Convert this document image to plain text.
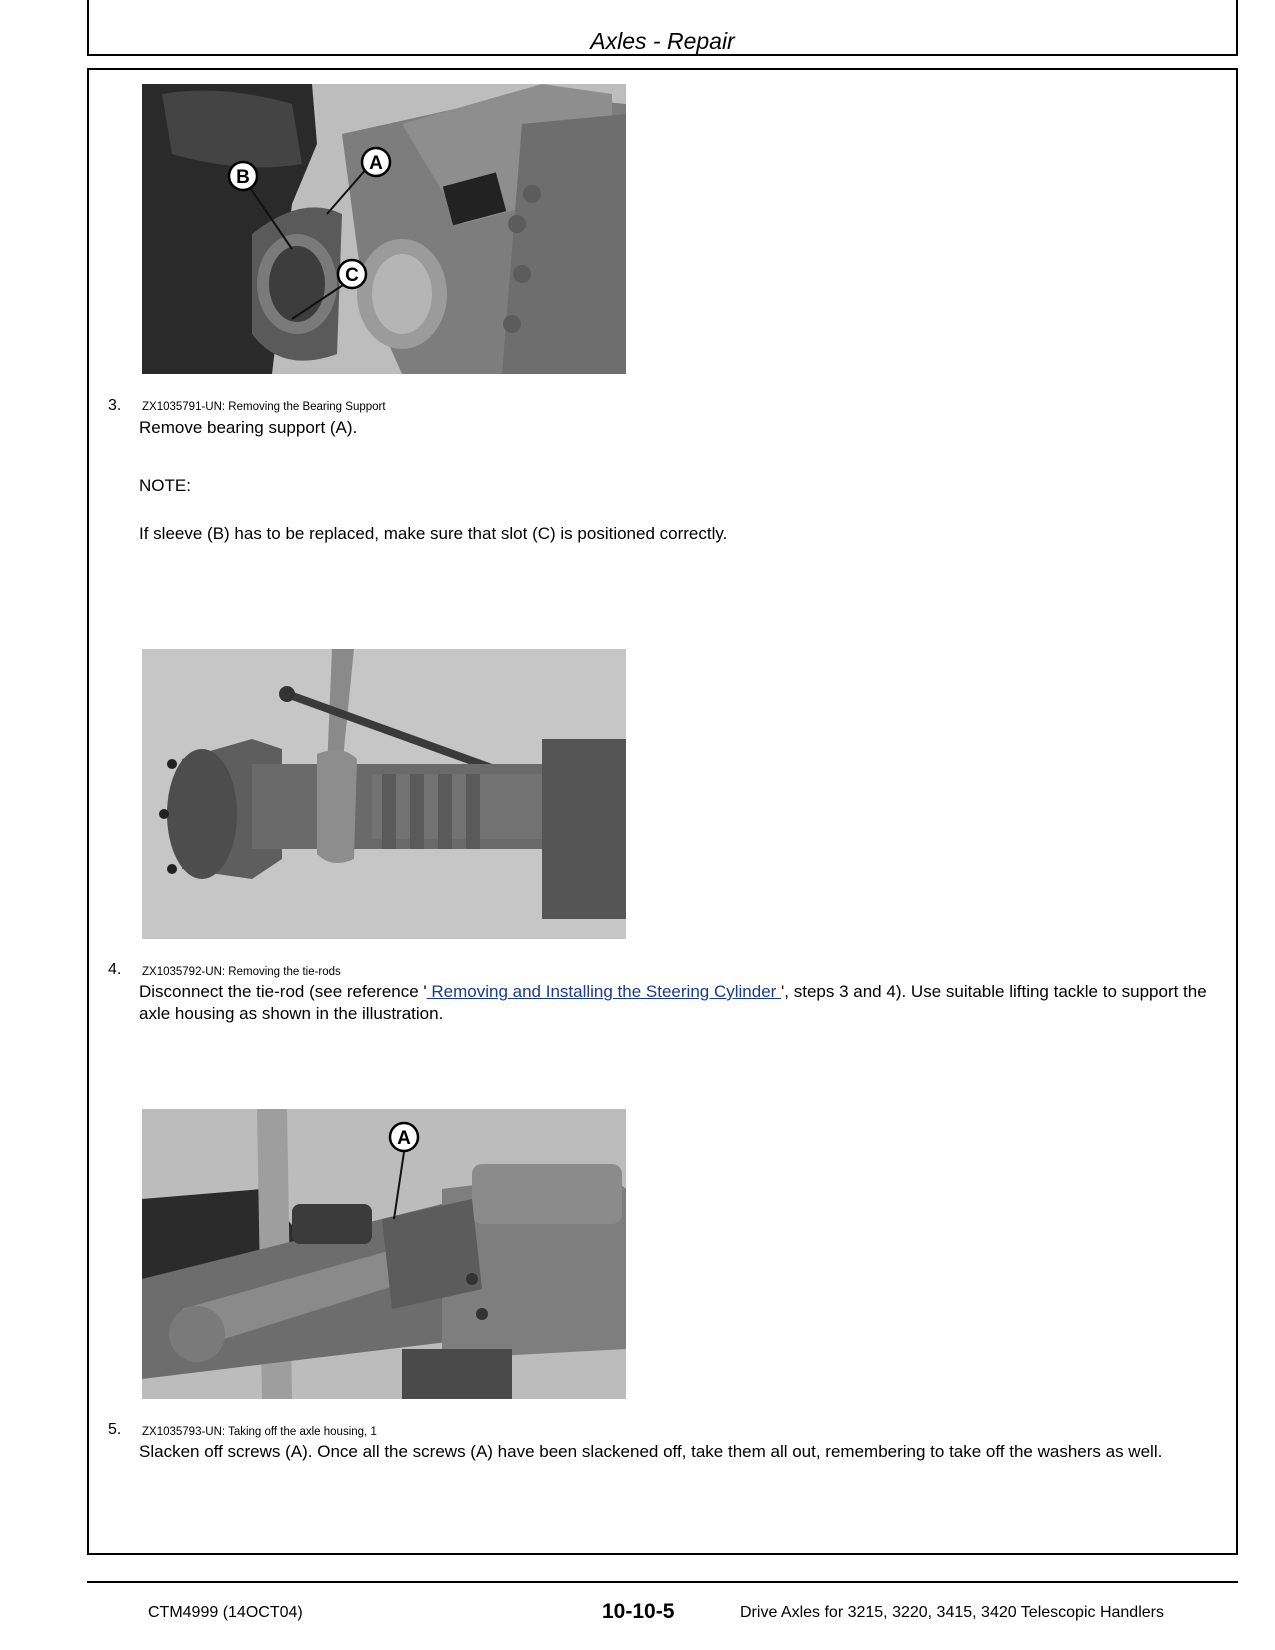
Axles - Repair
B
A
C
3. ZX1035791-UN: Removing the Bearing Support
Remove bearing support (A).
NOTE:
If sleeve (B) has to be replaced, make sure that slot (C) is positioned correctly.
4. ZX1035792-UN: Removing the tie-rods
Disconnect the tie-rod (see reference ' Removing and Installing the Steering Cylinder ', steps 3 and 4). Use suitable lifting tackle to support the axle housing as shown in the illustration.
A
5. ZX1035793-UN: Taking off the axle housing, 1
Slacken off screws (A). Once all the screws (A) have been slackened off, take them all out, remembering to take off the washers as well.
CTM4999 (14OCT04)	10-10-5	Drive Axles for 3215, 3220, 3415, 3420 Telescopic Handlers
